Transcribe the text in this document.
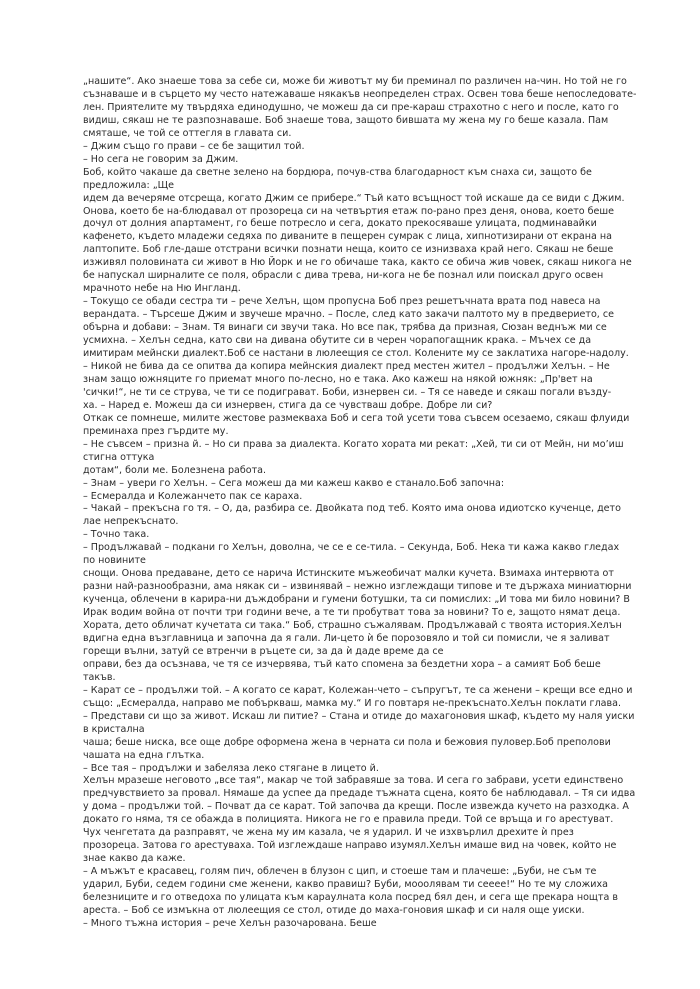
„нашите“. Ако знаеше това за себе си, може би животът му би преминал по различен на-чин. Но той не го
съзнаваше и в сърцето му често натежаваше някакъв неопределен страх. Освен това беше непоследовате-
лен. Приятелите му твърдяха единодушно, че можеш да си пре-караш страхотно с него и после, като го
видиш, сякаш не те разпознаваше. Боб знаеше това, защото бившата му жена му го беше казала. Пам
смяташе, че той се оттегля в главата си.
– Джим също го прави – се бе защитил той.
– Но сега не говорим за Джим.
Боб, който чакаше да светне зелено на бордюра, почув-ства благодарност към снаха си, защото бе
предложила: „Ще
идем да вечеряме отсреща, когато Джим се прибере.“ Тъй като всъщност той искаше да се види с Джим.
Онова, което бе на-блюдавал от прозореца си на четвъртия етаж по-рано през деня, онова, което беше
дочул от долния апартамент, го беше потресло и сега, докато прекосяваше улицата, подминавайки
кафенето, където младежи седяха по диваните в пещерен сумрак с лица, хипнотизирани от екрана на
лаптопите. Боб гле-даше отстрани всички познати неща, които се изнизваха край него. Сякаш не беше
изживял половината си живот в Ню Йорк и не го обичаше така, както се обича жив човек, сякаш никога не
бе напускал ширналите се поля, обрасли с дива трева, ни-кога не бе познал или поискал друго освен
мрачното небе на Ню Ингланд.
– Токущо се обади сестра ти – рече Хелън, щом пропусна Боб през решетъчната врата под навеса на
верандата. – Търсеше Джим и звучеше мрачно. – После, след като закачи палтото му в предверието, се
обърна и добави: – Знам. Тя винаги си звучи така. Но все пак, трябва да призная, Сюзан веднъж ми се
усмихна. – Хелън седна, като сви на дивана обутите си в черен чорапогащник крака. – Мъчех се да
имитирам мейнски диалект.Боб се настани в люлеещия се стол. Колените му се заклатиха нагоре-надолу.
– Никой не бива да се опитва да копира мейнския диалект пред местен жител – продължи Хелън. – Не
знам защо южняците го приемат много по-лесно, но е така. Ако кажеш на някой южняк: „Пр'вет на
'сички!“, не ти се струва, че ти се подиграват. Боби, изнервен си. – Тя се наведе и сякаш погали възду-
ха. – Наред е. Можеш да си изнервен, стига да се чувстваш добре. Добре ли си?
Откак се помнеше, милите жестове размекваха Боб и сега той усети това съвсем осезаемо, сякаш флуиди
преминаха през гърдите му.
– Не съвсем – призна й. – Но си права за диалекта. Когато хората ми рекат: „Хей, ти си от Мейн, ни мо’иш
стигна оттука
дотам“, боли ме. Болезнена работа.
– Знам – увери го Хелън. – Сега можеш да ми кажеш какво е станало.Боб започна:
– Есмералда и Колежанчето пак се караха.
– Чакай – прекъсна го тя. – О, да, разбира се. Двойката под теб. Която има онова идиотско кученце, дето
лае непрекъснато.
– Точно така.
– Продължавай – подкани го Хелън, доволна, че се е се-тила. – Секунда, Боб. Нека ти кажа какво гледах
по новините
снощи. Онова предаване, дето се нарича Истинските мъжеобичат малки кучета. Взимаха интервюта от
разни най-разнообразни, ама някак си – извинявай – нежно изглеждащи типове и те държаха миниатюрни
кученца, облечени в карира-ни дъждобрани и гумени ботушки, та си помислих: „И това ми било новини? В
Ирак водим война от почти три години вече, а те ти пробутват това за новини? То е, защото нямат деца.
Хората, дето обличат кучетата си така.“ Боб, страшно съжалявам. Продължавай с твоята история.Хелън
вдигна една възглавница и започна да я гали. Ли-цето ѝ бе порозовяло и той си помисли, че я заливат
горещи вълни, затуй се втренчи в ръцете си, за да ѝ даде време да се
оправи, без да осъзнава, че тя се изчервява, тъй като спомена за бездетни хора – а самият Боб беше
такъв.
– Карат се – продължи той. – А когато се карат, Колежан-чето – съпругът, те са женени – крещи все едно и
също: „Есмералда, направо ме побъркваш, мамка му.“ И го повтаря не-прекъснато.Хелън поклати глава.
– Представи си що за живот. Искаш ли питие? – Стана и отиде до махагоновия шкаф, където му наля уиски
в кристална
чаша; беше ниска, все още добре оформена жена в черната си пола и бежовия пуловер.Боб преполови
чашата на една глътка.
– Все тая – продължи и забеляза леко стягане в лицето й.
Хелън мразеше неговото „все тая“, макар че той забравяше за това. И сега го забрави, усети единствено
предчувствието за провал. Нямаше да успее да предаде тъжната сцена, която бе наблюдавал. – Тя си идва
у дома – продължи той. – Почват да се карат. Той започва да крещи. После извежда кучето на разходка. А
докато го няма, тя се обажда в полицията. Никога не го е правила преди. Той се връща и го арестуват.
Чух ченгетата да разправят, че жена му им казала, че я ударил. И че изхвърлил дрехите ѝ през
прозореца. Затова го арестуваха. Той изглеждаше направо изумял.Хелън имаше вид на човек, който не
знае какво да каже.
– А мъжът е красавец, голям пич, облечен в блузон с цип, и стоеше там и плачеше: „Буби, не съм те
ударил, Буби, седем години сме женени, какво правиш? Буби, мооолявам ти сееее!“ Но те му сложиха
белезниците и го отведоха по улицата към караулната кола посред бял ден, и сега ще прекара нощта в
ареста. – Боб се измъкна от люлеещия се стол, отиде до маха-гоновия шкаф и си наля още уиски.
– Много тъжна история – рече Хелън разочарована. Беше
